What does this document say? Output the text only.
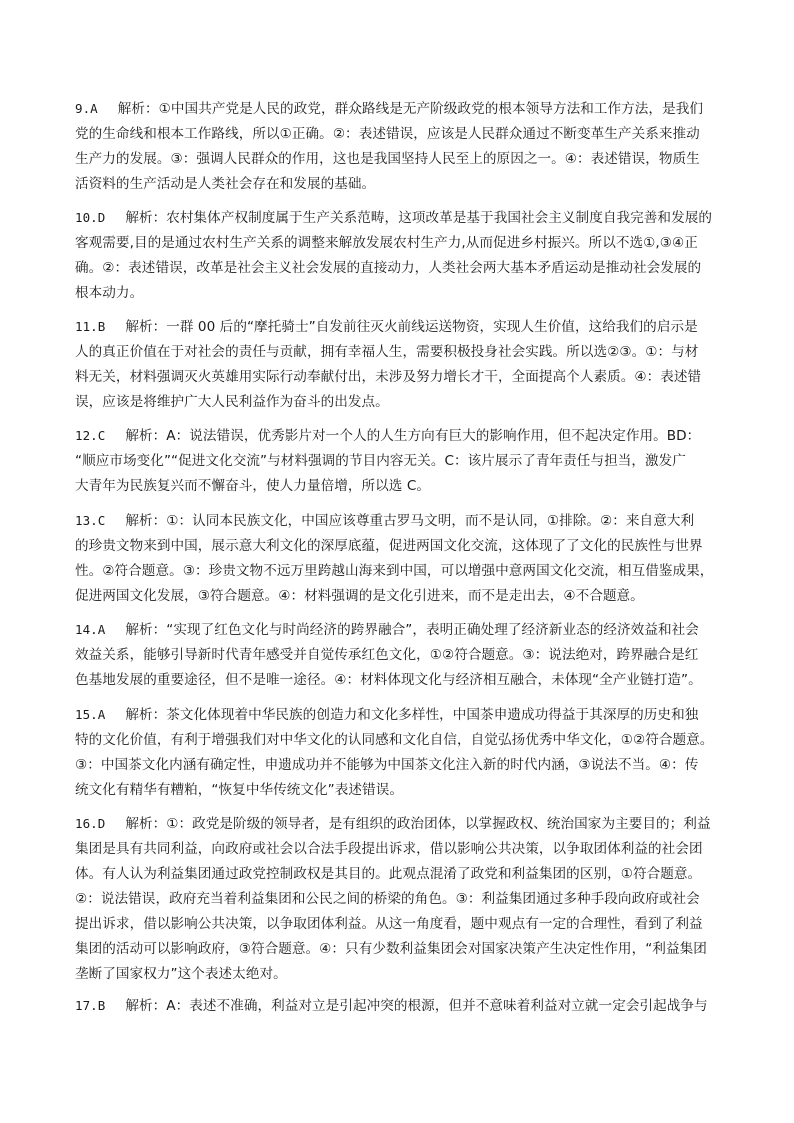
9.A 解析：①中国共产党是人民的政党，群众路线是无产阶级政党的根本领导方法和工作方法，是我们
党的生命线和根本工作路线，所以①正确。②：表述错误，应该是人民群众通过不断变革生产关系来推动
生产力的发展。③：强调人民群众的作用，这也是我国坚持人民至上的原因之一。④：表述错误，物质生
活资料的生产活动是人类社会存在和发展的基础。
10.D 解析：农村集体产权制度属于生产关系范畴，这项改革是基于我国社会主义制度自我完善和发展的
客观需要,目的是通过农村生产关系的调整来解放发展农村生产力,从而促进乡村振兴。所以不选①,③④正
确。②：表述错误，改革是社会主义社会发展的直接动力，人类社会两大基本矛盾运动是推动社会发展的
根本动力。
11.B 解析：一群 00 后的“摩托骑士”自发前往灭火前线运送物资，实现人生价值，这给我们的启示是
人的真正价值在于对社会的责任与贡献，拥有幸福人生，需要积极投身社会实践。所以选②③。①：与材
料无关，材料强调灭火英雄用实际行动奉献付出，未涉及努力增长才干，全面提高个人素质。④：表述错
误，应该是将维护广大人民利益作为奋斗的出发点。
12.C 解析：A：说法错误，优秀影片对一个人的人生方向有巨大的影响作用，但不起决定作用。BD：
“顺应市场变化”“促进文化交流”与材料强调的节目内容无关。C：该片展示了青年责任与担当，激发广
大青年为民族复兴而不懈奋斗，使人力量倍增，所以选 C。
13.C 解析：①：认同本民族文化，中国应该尊重古罗马文明，而不是认同，①排除。②：来自意大利
的珍贵文物来到中国，展示意大利文化的深厚底蕴，促进两国文化交流，这体现了了文化的民族性与世界
性。②符合题意。③：珍贵文物不远万里跨越山海来到中国，可以增强中意两国文化交流，相互借鉴成果，
促进两国文化发展，③符合题意。④：材料强调的是文化引进来，而不是走出去，④不合题意。
14.A 解析：“实现了红色文化与时尚经济的跨界融合”，表明正确处理了经济新业态的经济效益和社会
效益关系，能够引导新时代青年感受并自觉传承红色文化，①②符合题意。③：说法绝对，跨界融合是红
色基地发展的重要途径，但不是唯一途径。④：材料体现文化与经济相互融合，未体现“全产业链打造”。
15.A 解析：茶文化体现着中华民族的创造力和文化多样性，中国茶申遗成功得益于其深厚的历史和独
特的文化价值，有利于增强我们对中华文化的认同感和文化自信，自觉弘扬优秀中华文化，①②符合题意。
③：中国茶文化内涵有确定性，申遗成功并不能够为中国茶文化注入新的时代内涵，③说法不当。④：传
统文化有精华有糟粕，“恢复中华传统文化”表述错误。
16.D 解析：①：政党是阶级的领导者，是有组织的政治团体，以掌握政权、统治国家为主要目的；利益
集团是具有共同利益，向政府或社会以合法手段提出诉求，借以影响公共决策，以争取团体利益的社会团
体。有人认为利益集团通过政党控制政权是其目的。此观点混淆了政党和利益集团的区别，①符合题意。
②：说法错误，政府充当着利益集团和公民之间的桥梁的角色。③：利益集团通过多种手段向政府或社会
提出诉求，借以影响公共决策，以争取团体利益。从这一角度看，题中观点有一定的合理性，看到了利益
集团的活动可以影响政府，③符合题意。④：只有少数利益集团会对国家决策产生决定性作用，“利益集团
垄断了国家权力”这个表述太绝对。
17.B 解析：A：表述不准确，利益对立是引起冲突的根源，但并不意味着利益对立就一定会引起战争与
